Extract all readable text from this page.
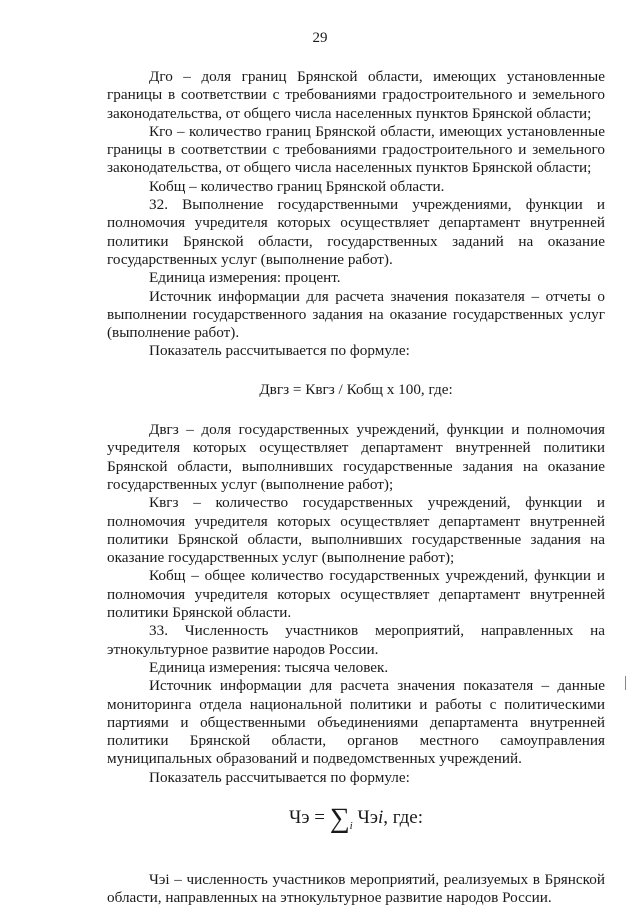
29

Дго – доля границ Брянской области, имеющих установленные границы в соответствии с требованиями градостроительного и земельного законодательства, от общего числа населенных пунктов Брянской области;

Кго – количество границ Брянской области, имеющих установленные границы в соответствии с требованиями градостроительного и земельного законодательства, от общего числа населенных пунктов Брянской области;

Кобщ – количество границ Брянской области.

32. Выполнение государственными учреждениями, функции и полномочия учредителя которых осуществляет департамент внутренней политики Брянской области, государственных заданий на оказание государственных услуг (выполнение работ).

Единица измерения: процент.

Источник информации для расчета значения показателя – отчеты о выполнении государственного задания на оказание государственных услуг (выполнение работ).

Показатель рассчитывается по формуле:

Двгз = Квгз / Кобщ х 100, где:

Двгз – доля государственных учреждений, функции и полномочия учредителя которых осуществляет департамент внутренней политики Брянской области, выполнивших государственные задания на оказание государственных услуг (выполнение работ);

Квгз – количество государственных учреждений, функции и полномочия учредителя которых осуществляет департамент внутренней политики Брянской области, выполнивших государственные задания на оказание государственных услуг (выполнение работ);

Кобщ – общее количество государственных учреждений, функции и полномочия учредителя которых осуществляет департамент внутренней политики Брянской области.

33. Численность участников мероприятий, направленных на этнокультурное развитие народов России.

Единица измерения: тысяча человек.

Источник информации для расчета значения показателя – данные мониторинга отдела национальной политики и работы с политическими партиями и общественными объединениями департамента внутренней политики Брянской области, органов местного самоуправления муниципальных образований и подведомственных учреждений.

Показатель рассчитывается по формуле:

Чэ = $\sum_i$ Чэi, где:

Чэi – численность участников мероприятий, реализуемых в Брянской области, направленных на этнокультурное развитие народов России.
